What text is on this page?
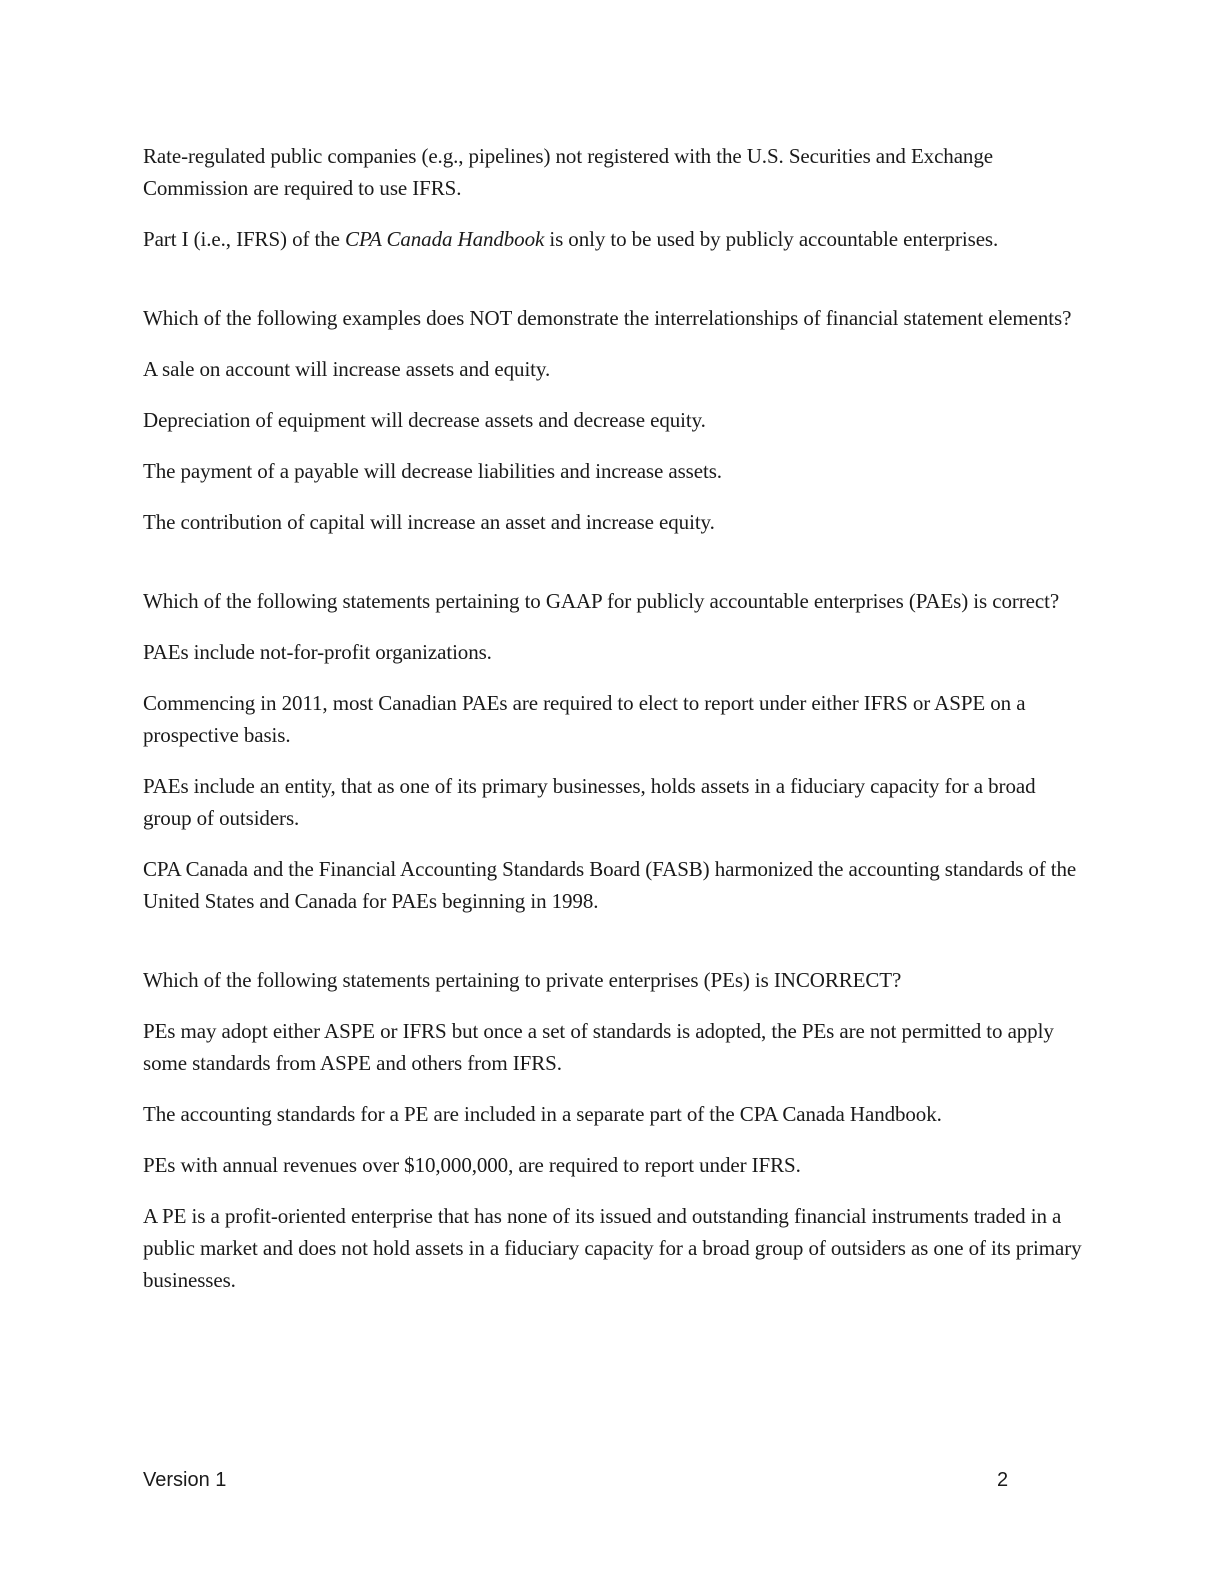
Rate-regulated public companies (e.g., pipelines) not registered with the U.S. Securities and Exchange Commission are required to use IFRS.

Part I (i.e., IFRS) of the CPA Canada Handbook is only to be used by publicly accountable enterprises.

Which of the following examples does NOT demonstrate the interrelationships of financial statement elements?

A sale on account will increase assets and equity.

Depreciation of equipment will decrease assets and decrease equity.

The payment of a payable will decrease liabilities and increase assets.

The contribution of capital will increase an asset and increase equity.

Which of the following statements pertaining to GAAP for publicly accountable enterprises (PAEs) is correct?

PAEs include not-for-profit organizations.

Commencing in 2011, most Canadian PAEs are required to elect to report under either IFRS or ASPE on a prospective basis.

PAEs include an entity, that as one of its primary businesses, holds assets in a fiduciary capacity for a broad group of outsiders.

CPA Canada and the Financial Accounting Standards Board (FASB) harmonized the accounting standards of the United States and Canada for PAEs beginning in 1998.

Which of the following statements pertaining to private enterprises (PEs) is INCORRECT?

PEs may adopt either ASPE or IFRS but once a set of standards is adopted, the PEs are not permitted to apply some standards from ASPE and others from IFRS.

The accounting standards for a PE are included in a separate part of the CPA Canada Handbook.

PEs with annual revenues over $10,000,000, are required to report under IFRS.

A PE is a profit-oriented enterprise that has none of its issued and outstanding financial instruments traded in a public market and does not hold assets in a fiduciary capacity for a broad group of outsiders as one of its primary businesses.

Version 1	2
